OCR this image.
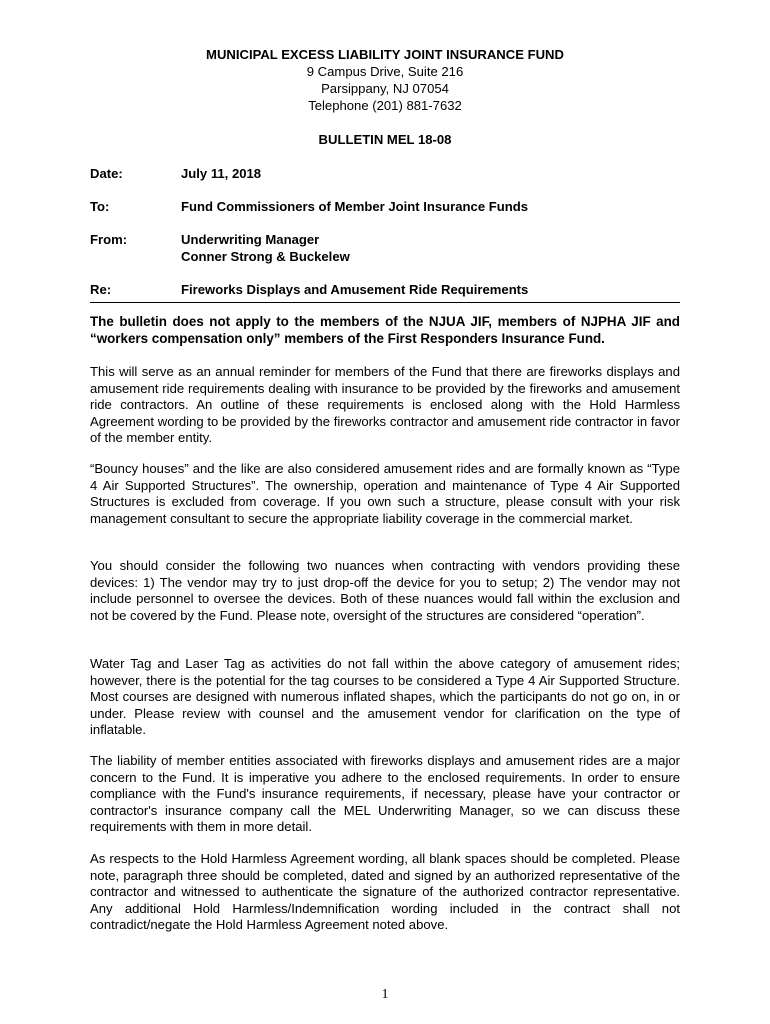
MUNICIPAL EXCESS LIABILITY JOINT INSURANCE FUND
9 Campus Drive, Suite 216
Parsippany, NJ 07054
Telephone (201) 881-7632
BULLETIN MEL 18-08
Date:	July 11, 2018
To:	Fund Commissioners of Member Joint Insurance Funds
From:	Underwriting Manager
Conner Strong & Buckelew
Re:	Fireworks Displays and Amusement Ride Requirements

The bulletin does not apply to the members of the NJUA JIF, members of NJPHA JIF and “workers compensation only” members of the First Responders Insurance Fund.

This will serve as an annual reminder for members of the Fund that there are fireworks displays and amusement ride requirements dealing with insurance to be provided by the fireworks and amusement ride contractors. An outline of these requirements is enclosed along with the Hold Harmless Agreement wording to be provided by the fireworks contractor and amusement ride contractor in favor of the member entity.

“Bouncy houses” and the like are also considered amusement rides and are formally known as “Type 4 Air Supported Structures”. The ownership, operation and maintenance of Type 4 Air Supported Structures is excluded from coverage. If you own such a structure, please consult with your risk management consultant to secure the appropriate liability coverage in the commercial market.

You should consider the following two nuances when contracting with vendors providing these devices: 1) The vendor may try to just drop-off the device for you to setup; 2) The vendor may not include personnel to oversee the devices. Both of these nuances would fall within the exclusion and not be covered by the Fund. Please note, oversight of the structures are considered “operation”.

Water Tag and Laser Tag as activities do not fall within the above category of amusement rides; however, there is the potential for the tag courses to be considered a Type 4 Air Supported Structure. Most courses are designed with numerous inflated shapes, which the participants do not go on, in or under. Please review with counsel and the amusement vendor for clarification on the type of inflatable.

The liability of member entities associated with fireworks displays and amusement rides are a major concern to the Fund. It is imperative you adhere to the enclosed requirements. In order to ensure compliance with the Fund's insurance requirements, if necessary, please have your contractor or contractor's insurance company call the MEL Underwriting Manager, so we can discuss these requirements with them in more detail.

As respects to the Hold Harmless Agreement wording, all blank spaces should be completed. Please note, paragraph three should be completed, dated and signed by an authorized representative of the contractor and witnessed to authenticate the signature of the authorized contractor representative. Any additional Hold Harmless/Indemnification wording included in the contract shall not contradict/negate the Hold Harmless Agreement noted above.

1
